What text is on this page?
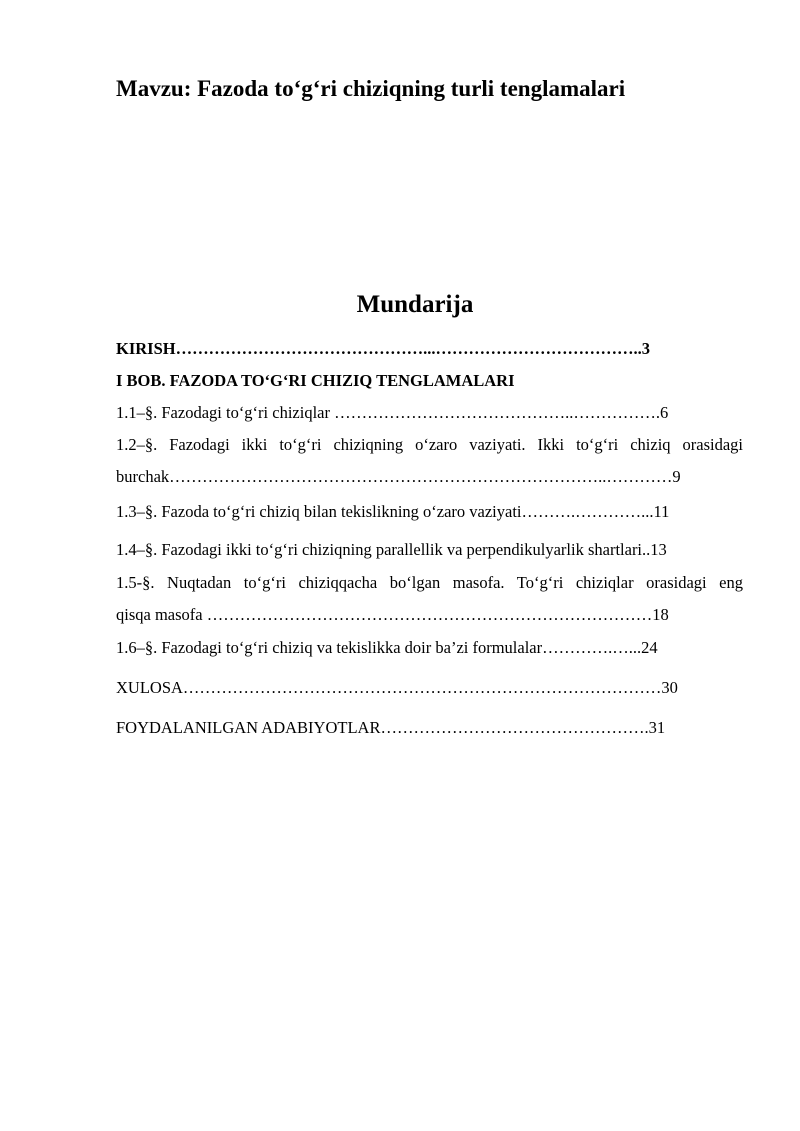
Mavzu: Fazoda to‘g‘ri chiziqning turli tenglamalari
Mundarija
KIRISH………………………………………...………………………………..3
I BOB. FAZODA TO‘G‘RI CHIZIQ TENGLAMALARI
1.1–§. Fazodagi to‘g‘ri chiziqlar ……………………………………..…………….6
1.2–§. Fazodagi ikki to‘g‘ri chiziqning o‘zaro vaziyati. Ikki to‘g‘ri chiziq orasidagi
burchak……………………………………………………………………..…………9
1.3–§. Fazoda to‘g‘ri chiziq bilan tekislikning o‘zaro vaziyati……….…………...11
1.4–§. Fazodagi ikki to‘g‘ri chiziqning parallellik va perpendikulyarlik shartlari..13
1.5-§. Nuqtadan to‘g‘ri chiziqqacha bo‘lgan masofa. To‘g‘ri chiziqlar orasidagi eng
qisqa masofa ………………………………………………………………………18
1.6–§. Fazodagi to‘g‘ri chiziq va tekislikka doir ba’zi formulalar………….…...24
XULOSA……………………………………………………………………………30
FOYDALANILGAN ADABIYOTLAR………………………………………….31
